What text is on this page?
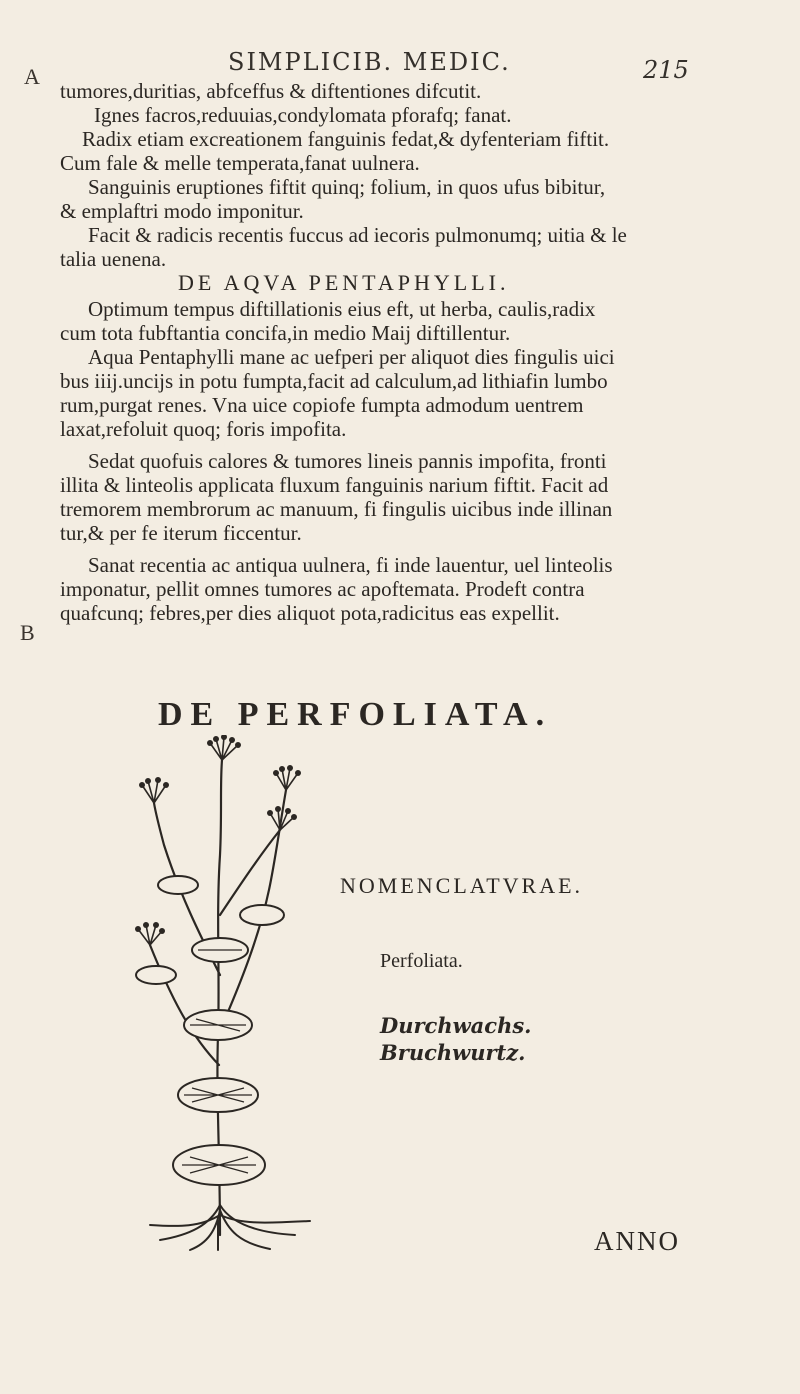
A
B
SIMPLICIB. MEDIC.	215
tumores,duritias, abfceffus & diftentiones difcutit.
Ignes facros,reduuias,condylomata pforafq; fanat.
Radix etiam excreationem fanguinis fedat,& dyfenteriam fiftit.
Cum fale & melle temperata,fanat uulnera.
Sanguinis eruptiones fiftit quinq; folium, in quos ufus bibitur,
& emplaftri modo imponitur.
Facit & radicis recentis fuccus ad iecoris pulmonumq; uitia & le
talia uenena.
DE AQVA PENTAPHYLLI.
Optimum tempus diftillationis eius eft, ut herba, caulis,radix
cum tota fubftantia concifa,in medio Maij diftillentur.
Aqua Pentaphylli mane ac uefperi per aliquot dies fingulis uici
bus iiij.uncijs in potu fumpta,facit ad calculum,ad lithiafin lumbo
rum,purgat renes. Vna uice copiofe fumpta admodum uentrem
laxat,refoluit quoq; foris impofita.
Sedat quofuis calores & tumores lineis pannis impofita, fronti
illita & linteolis applicata fluxum fanguinis narium fiftit. Facit ad
tremorem membrorum ac manuum, fi fingulis uicibus inde illinan
tur,& per fe iterum ficcentur.
Sanat recentia ac antiqua uulnera, fi inde lauentur, uel linteolis
imponatur, pellit omnes tumores ac apoftemata. Prodeft contra
quafcunq; febres,per dies aliquot pota,radicitus eas expellit.
DE PERFOLIATA.
NOMENCLATVRAE.
Perfoliata.
Durchwachs.
Bruchwurtz.
ANNO
